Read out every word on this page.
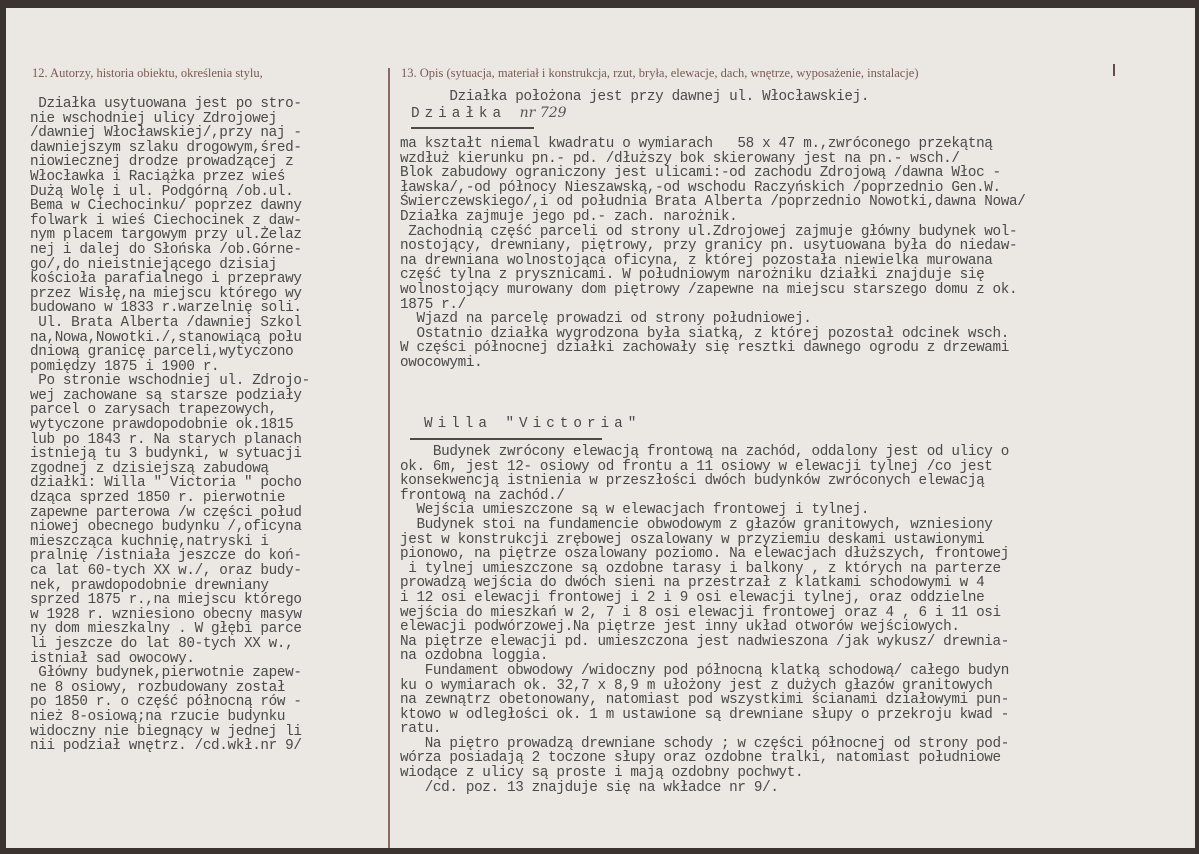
12. Autorzy, historia obiektu, określenia stylu,	13. Opis (sytuacja, materiał i konstrukcja, rzut, bryła, elewacje, dach, wnętrze, wyposażenie, instalacje)
Działka usytuowana jest po stro-
nie wschodniej ulicy Zdrojowej
/dawniej Włocławskiej/,przy naj -
dawniejszym szlaku drogowym,śred-
niowiecznej drodze prowadzącej z
Włocławka i Raciążka przez wieś
Dużą Wolę i ul. Podgórną /ob.ul.
Bema w Ciechocinku/ poprzez dawny
folwark i wieś Ciechocinek z daw-
nym placem targowym przy ul.Żelaz
nej i dalej do Słońska /ob.Górne-
go/,do nieistniejącego dzisiaj
kościoła parafialnego i przeprawy
przez Wisłę,na miejscu którego wy
budowano w 1833 r.warzelnię soli.
Ul. Brata Alberta /dawniej Szkol
na,Nowa,Nowotki./,stanowiącą połu
dniową granicę parceli,wytyczono
pomiędzy 1875 i 1900 r.
Po stronie wschodniej ul. Zdrojo-
wej zachowane są starsze podziały
parcel o zarysach trapezowych,
wytyczone prawdopodobnie ok.1815
lub po 1843 r. Na starych planach
istnieją tu 3 budynki, w sytuacji
zgodnej z dzisiejszą zabudową
działki: Willa " Victoria " pocho
dząca sprzed 1850 r. pierwotnie
zapewne parterowa /w części połud
niowej obecnego budynku /,oficyna
mieszcząca kuchnię,natryski i
pralnię /istniała jeszcze do koń-
ca lat 60-tych XX w./, oraz budy-
nek, prawdopodobnie drewniany
sprzed 1875 r.,na miejscu którego
w 1928 r. wzniesiono obecny masyw
ny dom mieszkalny . W głębi parce
li jeszcze do lat 80-tych XX w.,
istniał sad owocowy.
Główny budynek,pierwotnie zapew-
ne 8 osiowy, rozbudowany został
po 1850 r. o część północną rów -
nież 8-osiową;na rzucie budynku
widoczny nie biegnący w jednej li
nii podział wnętrz. /cd.wkł.nr 9/
Działka położona jest przy dawnej ul. Włocławskiej.
Działka nr 729
ma kształt niemal kwadratu o wymiarach   58 x 47 m.,zwróconego przekątną
wzdłuż kierunku pn.- pd. /dłuższy bok skierowany jest na pn.- wsch./
Blok zabudowy ograniczony jest ulicami:-od zachodu Zdrojową /dawna Włoc -
ławska/,-od północy Nieszawską,-od wschodu Raczyńskich /poprzednio Gen.W.
Świerczewskiego/,i od południa Brata Alberta /poprzednio Nowotki,dawna Nowa/
Działka zajmuje jego pd.- zach. narożnik.
Zachodnią część parceli od strony ul.Zdrojowej zajmuje główny budynek wol-
nostojący, drewniany, piętrowy, przy granicy pn. usytuowana była do niedaw-
na drewniana wolnostojąca oficyna, z której pozostała niewielka murowana
część tylna z prysznicami. W południowym narożniku działki znajduje się
wolnostojący murowany dom piętrowy /zapewne na miejscu starszego domu z ok.
1875 r./
Wjazd na parcelę prowadzi od strony południowej.
Ostatnio działka wygrodzona była siatką, z której pozostał odcinek wsch.
W części północnej działki zachowały się resztki dawnego ogrodu z drzewami
owocowymi.
Willa "Victoria"
Budynek zwrócony elewacją frontową na zachód, oddalony jest od ulicy o
ok. 6m, jest 12- osiowy od frontu a 11 osiowy w elewacji tylnej /co jest
konsekwencją istnienia w przeszłości dwóch budynków zwróconych elewacją
frontową na zachód./
Wejścia umieszczone są w elewacjach frontowej i tylnej.
Budynek stoi na fundamencie obwodowym z głazów granitowych, wzniesiony
jest w konstrukcji zrębowej oszalowany w przyziemiu deskami ustawionymi
pionowo, na piętrze oszalowany poziomo. Na elewacjach dłuższych, frontowej
i tylnej umieszczone są ozdobne tarasy i balkony , z których na parterze
prowadzą wejścia do dwóch sieni na przestrzał z klatkami schodowymi w 4
i 12 osi elewacji frontowej i 2 i 9 osi elewacji tylnej, oraz oddzielne
wejścia do mieszkań w 2, 7 i 8 osi elewacji frontowej oraz 4 , 6 i 11 osi
elewacji podwórzowej.Na piętrze jest inny układ otworów wejściowych.
Na piętrze elewacji pd. umieszczona jest nadwieszona /jak wykusz/ drewnia-
na ozdobna loggia.
Fundament obwodowy /widoczny pod północną klatką schodową/ całego budyn
ku o wymiarach ok. 32,7 x 8,9 m ułożony jest z dużych głazów granitowych
na zewnątrz obetonowany, natomiast pod wszystkimi ścianami działowymi pun-
ktowo w odległości ok. 1 m ustawione są drewniane słupy o przekroju kwad -
ratu.
Na piętro prowadzą drewniane schody ; w części północnej od strony pod-
wórza posiadają 2 toczone słupy oraz ozdobne tralki, natomiast południowe
wiodące z ulicy są proste i mają ozdobny pochwyt.
/cd. poz. 13 znajduje się na wkładce nr 9/.
